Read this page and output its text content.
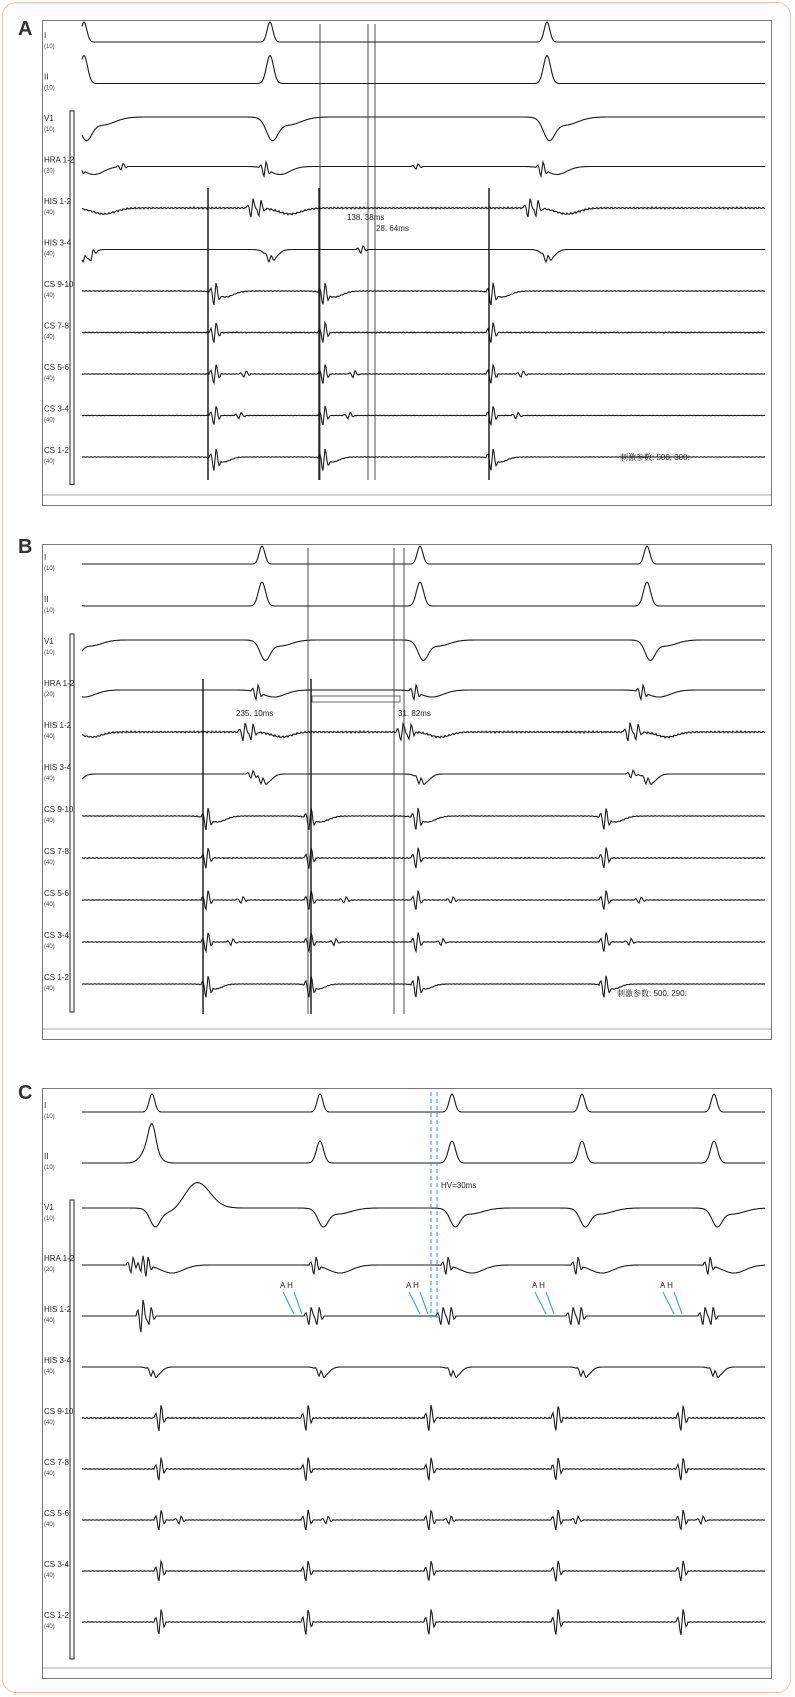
A
B
C
I
(10)
II
(10)
V1
(10)
HRA 1-2
(20)
HIS 1-2
(40)
HIS 3-4
(40)
CS 9-10
(40)
CS 7-8
(40)
CS 5-6
(40)
CS 3-4
(40)
CS 1-2
(40)
138. 38ms
28. 64ms
刺激参数: 500, 300:
I
(10)
II
(10)
V1
(10)
HRA 1-2
(20)
HIS 1-2
(40)
HIS 3-4
(40)
CS 9-10
(40)
CS 7-8
(40)
CS 5-6
(40)
CS 3-4
(40)
CS 1-2
(40)
235. 10ms	31. 82ms
刺激参数: 500, 290:
I
(10)
II
(10)
V1
(10)
HRA 1-2
(20)
HIS 1-2
(40)
HIS 3-4
(40)
CS 9-10
(40)
CS 7-8
(40)
CS 5-6
(40)
CS 3-4
(40)
CS 1-2
(40)
HV=30ms
A H	A H	A H	A H
